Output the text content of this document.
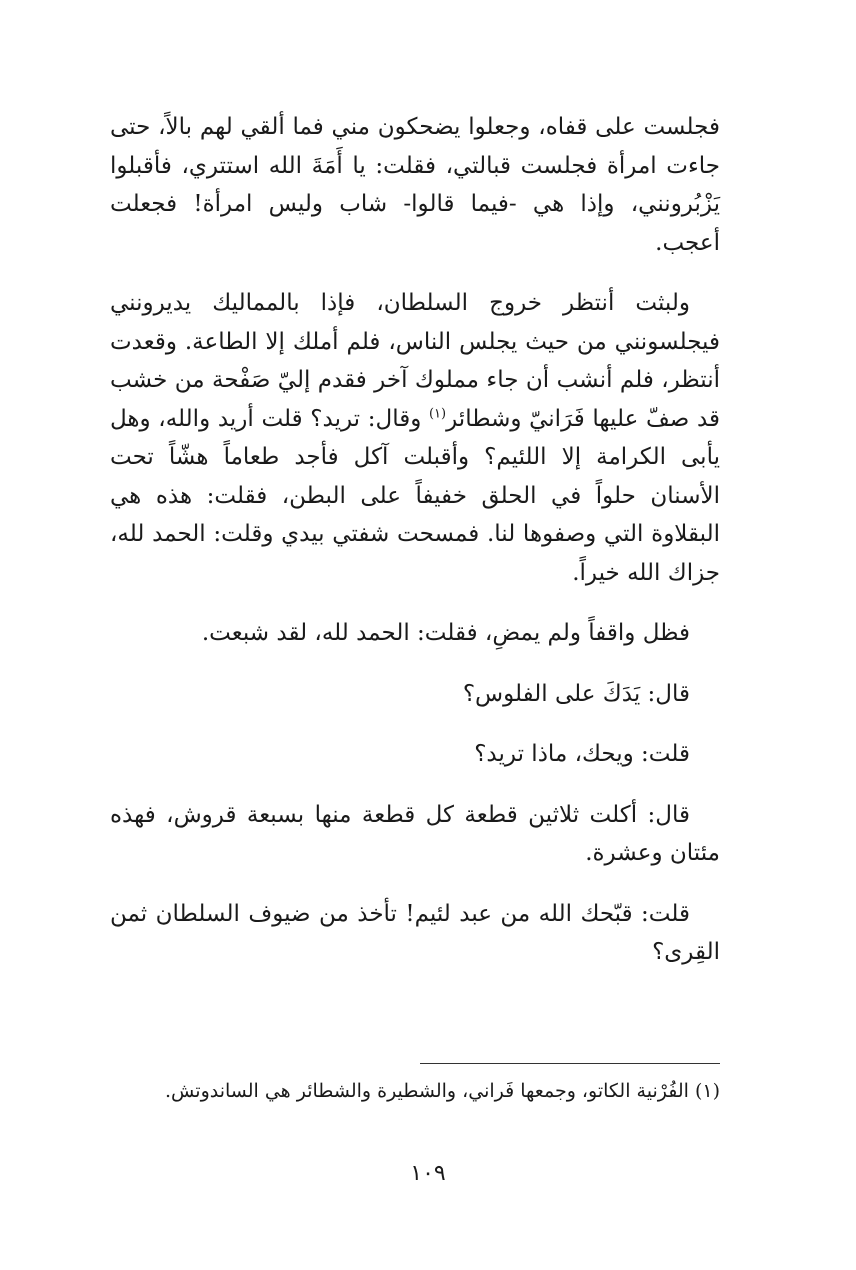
فجلست على قفاه، وجعلوا يضحكون مني فما ألقي لهم بالاً، حتى جاءت امرأة فجلست قبالتي، فقلت: يا أَمَةَ الله استتري، فأقبلوا يَزْبُرونني، وإذا هي -فيما قالوا- شاب وليس امرأة! فجعلت أعجب.

ولبثت أنتظر خروج السلطان، فإذا بالمماليك يديرونني فيجلسونني من حيث يجلس الناس، فلم أملك إلا الطاعة. وقعدت أنتظر، فلم أنشب أن جاء مملوك آخر فقدم إليّ صَفْحة من خشب قد صفّ عليها فَرَانيّ وشطائر$^{(١)}$ وقال: تريد؟ قلت أريد والله، وهل يأبى الكرامة إلا اللئيم؟ وأقبلت آكل فأجد طعاماً هشّاً تحت الأسنان حلواً في الحلق خفيفاً على البطن، فقلت: هذه هي البقلاوة التي وصفوها لنا. فمسحت شفتي بيدي وقلت: الحمد لله، جزاك الله خيراً.

فظل واقفاً ولم يمضِ، فقلت: الحمد لله، لقد شبعت.

قال: يَدَكَ على الفلوس؟

قلت: ويحك، ماذا تريد؟

قال: أكلت ثلاثين قطعة كل قطعة منها بسبعة قروش، فهذه مئتان وعشرة.

قلت: قبّحك الله من عبد لئيم! تأخذ من ضيوف السلطان ثمن القِرى؟

(١) الفُرْنية الكاتو، وجمعها فَراني، والشطيرة والشطائر هي الساندوتش.
١٠٩
